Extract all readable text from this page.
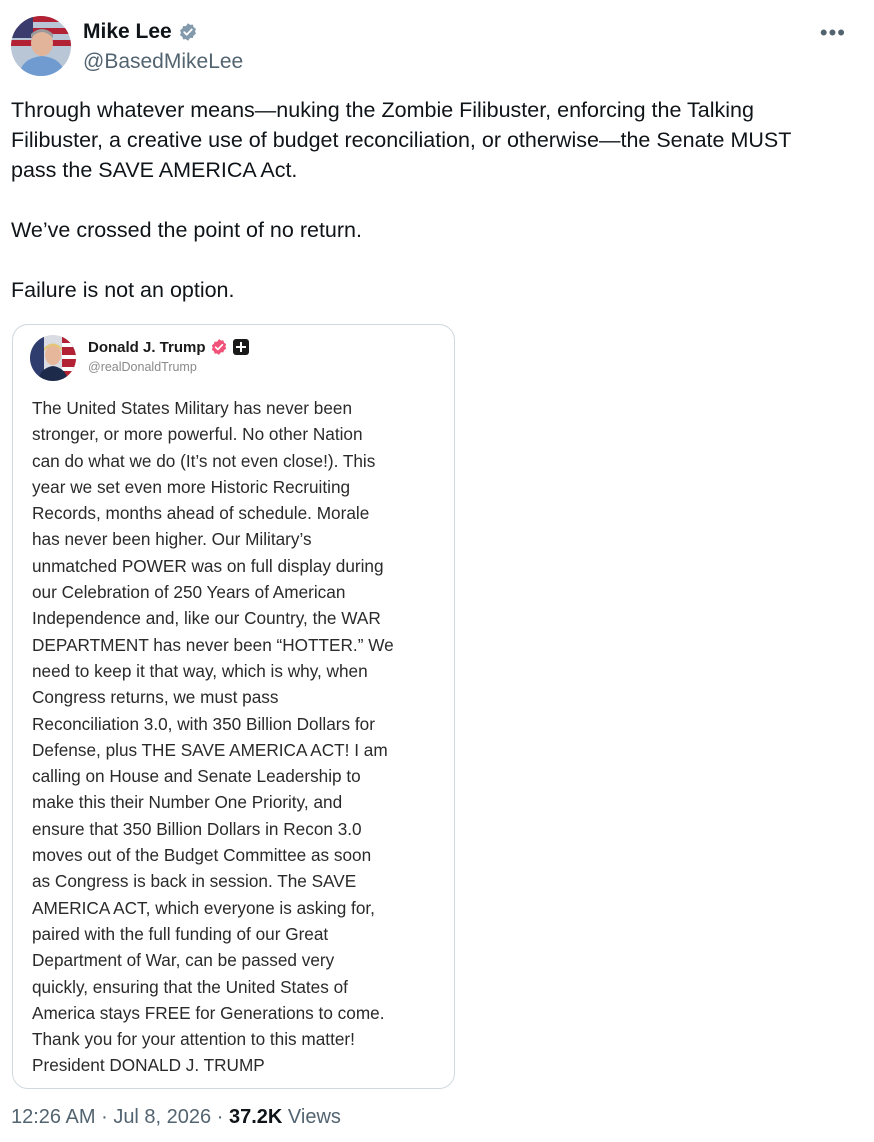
Mike Lee
@BasedMikeLee
•••
Through whatever means—nuking the Zombie Filibuster, enforcing the Talking
Filibuster, a creative use of budget reconciliation, or otherwise—the Senate MUST
pass the SAVE AMERICA Act.

We’ve crossed the point of no return.

Failure is not an option.
Donald J. Trump
@realDonaldTrump
The United States Military has never been
stronger, or more powerful. No other Nation
can do what we do (It’s not even close!). This
year we set even more Historic Recruiting
Records, months ahead of schedule. Morale
has never been higher. Our Military’s
unmatched POWER was on full display during
our Celebration of 250 Years of American
Independence and, like our Country, the WAR
DEPARTMENT has never been “HOTTER.” We
need to keep it that way, which is why, when
Congress returns, we must pass
Reconciliation 3.0, with 350 Billion Dollars for
Defense, plus THE SAVE AMERICA ACT! I am
calling on House and Senate Leadership to
make this their Number One Priority, and
ensure that 350 Billion Dollars in Recon 3.0
moves out of the Budget Committee as soon
as Congress is back in session. The SAVE
AMERICA ACT, which everyone is asking for,
paired with the full funding of our Great
Department of War, can be passed very
quickly, ensuring that the United States of
America stays FREE for Generations to come.
Thank you for your attention to this matter!
President DONALD J. TRUMP
12:26 AM · Jul 8, 2026 · 37.2K Views
